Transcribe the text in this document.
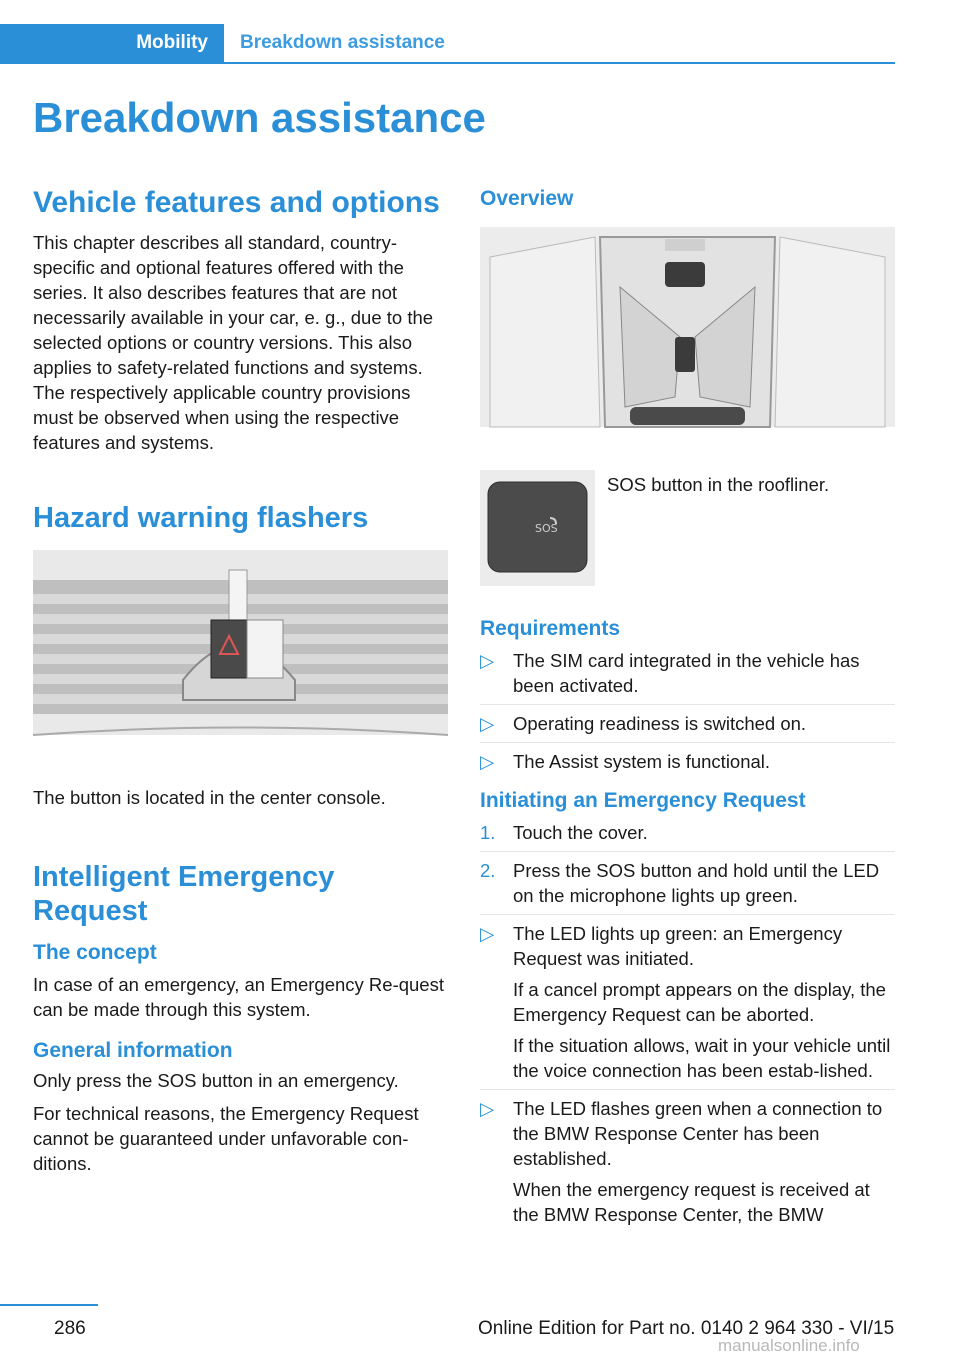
Mobility	Breakdown assistance
Breakdown assistance
Vehicle features and options

This chapter describes all standard, country-specific and optional features offered with the series. It also describes features that are not necessarily available in your car, e. g., due to the selected options or country versions. This also applies to safety-related functions and systems. The respectively applicable country provisions must be observed when using the respective features and systems.

Hazard warning flashers

The button is located in the center console.

Intelligent Emergency Request
The concept

In case of an emergency, an Emergency Re-quest can be made through this system.

General information

Only press the SOS button in an emergency.

For technical reasons, the Emergency Request cannot be guaranteed under unfavorable con-ditions.

Overview
SOS

SOS button in the roofliner.

Requirements
▷ The SIM card integrated in the vehicle has been activated.
▷ Operating readiness is switched on.
▷ The Assist system is functional.
Initiating an Emergency Request
1. Touch the cover.
2. Press the SOS button and hold until the LED on the microphone lights up green.
▷ The LED lights up green: an Emergency Request was initiated.

If a cancel prompt appears on the display, the Emergency Request can be aborted.

If the situation allows, wait in your vehicle until the voice connection has been estab-lished.

▷ The LED flashes green when a connection to the BMW Response Center has been established.

When the emergency request is received at the BMW Response Center, the BMW

286	Online Edition for Part no. 0140 2 964 330 - VI/15
manualsonline.info
